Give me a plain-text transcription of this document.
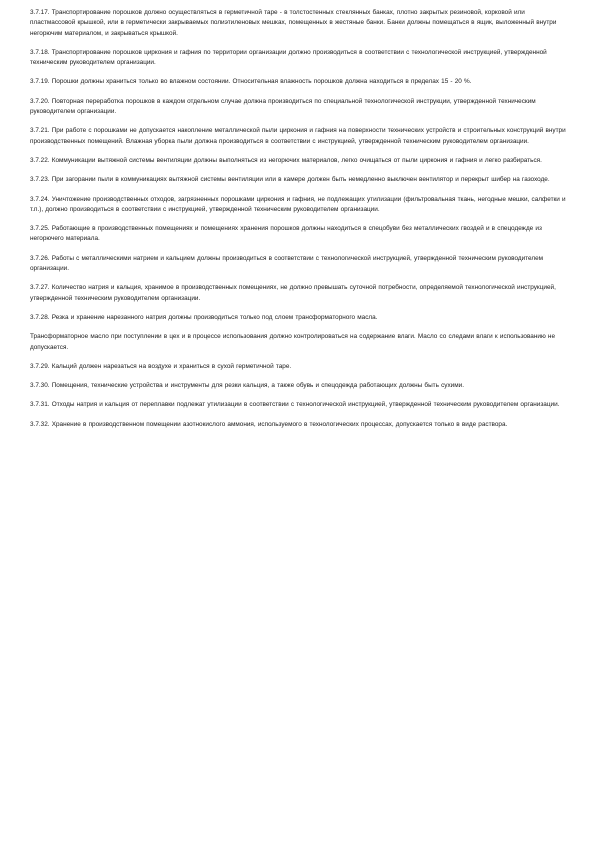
3.7.17. Транспортирование порошков должно осуществляться в герметичной таре - в толстостенных стеклянных банках, плотно закрытых резиновой, корковой или пластмассовой крышкой, или в герметически закрываемых полиэтиленовых мешках, помещенных в жестяные банки. Банки должны помещаться в ящик, выложенный внутри негорючим материалом, и закрываться крышкой.

3.7.18. Транспортирование порошков циркония и гафния по территории организации должно производиться в соответствии с технологической инструкцией, утвержденной техническим руководителем организации.

3.7.19. Порошки должны храниться только во влажном состоянии. Относительная влажность порошков должна находиться в пределах 15 - 20 %.

3.7.20. Повторная переработка порошков в каждом отдельном случае должна производиться по специальной технологической инструкции, утвержденной техническим руководителем организации.

3.7.21. При работе с порошками не допускается накопление металлической пыли циркония и гафния на поверхности технических устройств и строительных конструкций внутри производственных помещений. Влажная уборка пыли должна производиться в соответствии с инструкцией, утвержденной техническим руководителем организации.

3.7.22. Коммуникации вытяжной системы вентиляции должны выполняться из негорючих материалов, легко очищаться от пыли циркония и гафния и легко разбираться.

3.7.23. При загорании пыли в коммуникациях вытяжной системы вентиляции или в камере должен быть немедленно выключен вентилятор и перекрыт шибер на газоходе.

3.7.24. Уничтожение производственных отходов, загрязненных порошками циркония и гафния, не подлежащих утилизации (фильтровальная ткань, негодные мешки, салфетки и т.п.), должно производиться в соответствии с инструкцией, утвержденной техническим руководителем организации.

3.7.25. Работающие в производственных помещениях и помещениях хранения порошков должны находиться в спецобуви без металлических гвоздей и в спецодежде из негорючего материала.

3.7.26. Работы с металлическими натрием и кальцием должны производиться в соответствии с технологической инструкцией, утвержденной техническим руководителем организации.

3.7.27. Количество натрия и кальция, хранимое в производственных помещениях, не должно превышать суточной потребности, определяемой технологической инструкцией, утвержденной техническим руководителем организации.

3.7.28. Резка и хранение нарезанного натрия должны производиться только под слоем трансформаторного масла.

Трансформаторное масло при поступлении в цех и в процессе использования должно контролироваться на содержание влаги. Масло со следами влаги к использованию не допускается.

3.7.29. Кальций должен нарезаться на воздухе и храниться в сухой герметичной таре.

3.7.30. Помещения, технические устройства и инструменты для резки кальция, а также обувь и спецодежда работающих должны быть сухими.

3.7.31. Отходы натрия и кальция от переплавки подлежат утилизации в соответствии с технологической инструкцией, утвержденной техническим руководителем организации.

3.7.32. Хранение в производственном помещении азотнокислого аммония, используемого в технологических процессах, допускается только в виде раствора.
